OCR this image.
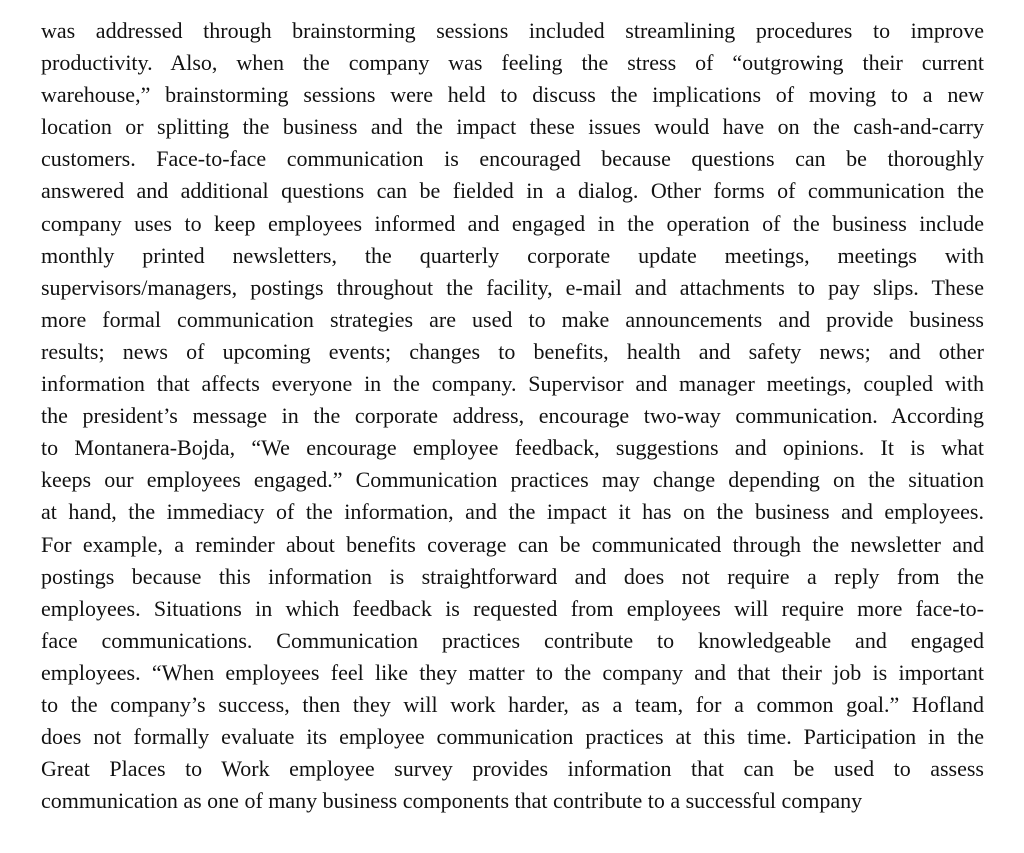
was addressed through brainstorming sessions included streamlining procedures to improve
productivity. Also, when the company was feeling the stress of “outgrowing their current
warehouse,” brainstorming sessions were held to discuss the implications of moving to a new
location or splitting the business and the impact these issues would have on the cash-and-carry
customers. Face-to-face communication is encouraged because questions can be thoroughly
answered and additional questions can be fielded in a dialog. Other forms of communication the
company uses to keep employees informed and engaged in the operation of the business include
monthly printed newsletters, the quarterly corporate update meetings, meetings with
supervisors/managers, postings throughout the facility, e-mail and attachments to pay slips. These
more formal communication strategies are used to make announcements and provide business
results; news of upcoming events; changes to benefits, health and safety news; and other
information that affects everyone in the company. Supervisor and manager meetings, coupled with
the president’s message in the corporate address, encourage two-way communication. According
to Montanera-Bojda, “We encourage employee feedback, suggestions and opinions. It is what
keeps our employees engaged.” Communication practices may change depending on the situation
at hand, the immediacy of the information, and the impact it has on the business and employees.
For example, a reminder about benefits coverage can be communicated through the newsletter and
postings because this information is straightforward and does not require a reply from the
employees. Situations in which feedback is requested from employees will require more face-to-
face communications. Communication practices contribute to knowledgeable and engaged
employees. “When employees feel like they matter to the company and that their job is important
to the company’s success, then they will work harder, as a team, for a common goal.” Hofland
does not formally evaluate its employee communication practices at this time. Participation in the
Great Places to Work employee survey provides information that can be used to assess
communication as one of many business components that contribute to a successful company
